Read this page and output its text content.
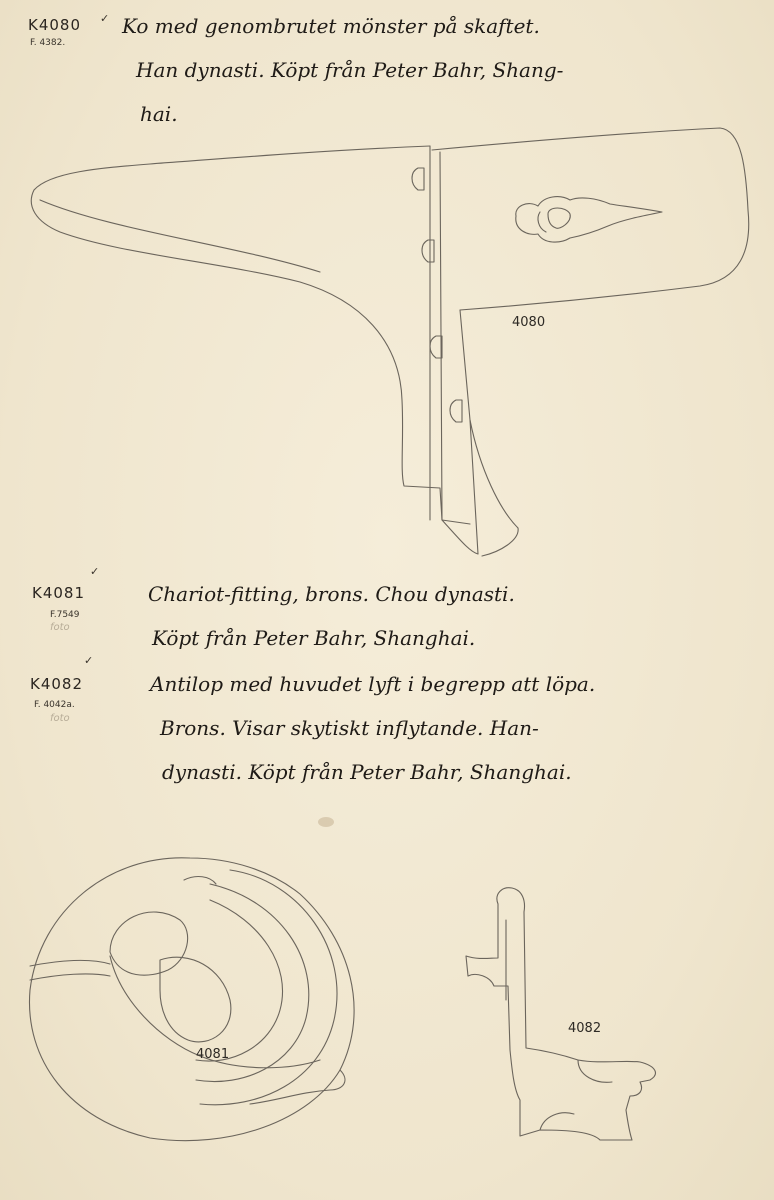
K4080 ✓
F. 4382.
Ko med genombrutet mönster på skaftet.
Han dynasti. Köpt från Peter Bahr, Shang-
hai.
✓
K4081
F.7549
foto
Chariot-fitting, brons. Chou dynasti.
Köpt från Peter Bahr, Shanghai.
✓
K4082
F. 4042a.
foto
Antilop med huvudet lyft i begrepp att löpa.
Brons. Visar skytiskt inflytande. Han-
dynasti. Köpt från Peter Bahr, Shanghai.
4080
4081
4082
